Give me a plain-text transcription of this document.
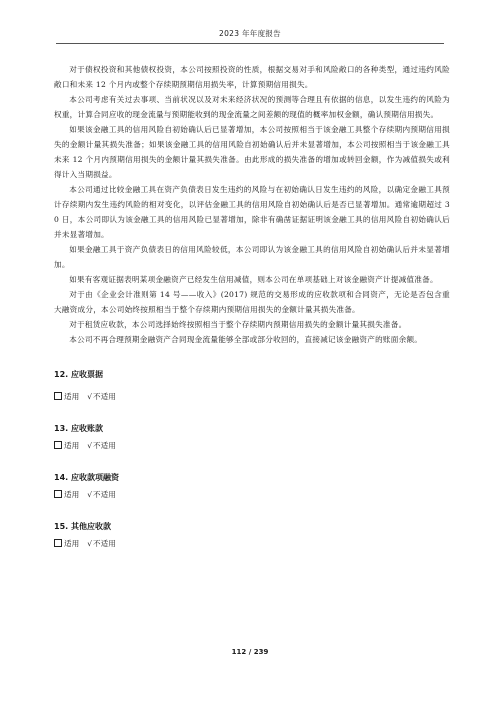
2023 年年度报告

对于债权投资和其他债权投资，本公司按照投资的性质，根据交易对手和风险敞口的各种类型，通过违约风险敞口和未来 12 个月内或整个存续期预期信用损失率，计算预期信用损失。

本公司考虑有关过去事项、当前状况以及对未来经济状况的预测等合理且有依据的信息，以发生违约的风险为权重，计算合同应收的现金流量与预期能收到的现金流量之间差额的现值的概率加权金额，确认预期信用损失。

如果该金融工具的信用风险自初始确认后已显著增加，本公司按照相当于该金融工具整个存续期内预期信用损失的金额计量其损失准备；如果该金融工具的信用风险自初始确认后并未显著增加，本公司按照相当于该金融工具未来 12 个月内预期信用损失的金额计量其损失准备。由此形成的损失准备的增加或转回金额，作为减值损失或利得计入当期损益。

本公司通过比较金融工具在资产负债表日发生违约的风险与在初始确认日发生违约的风险，以确定金融工具预计存续期内发生违约风险的相对变化，以评估金融工具的信用风险自初始确认后是否已显著增加。通常逾期超过 30 日，本公司即认为该金融工具的信用风险已显著增加，除非有确凿证据证明该金融工具的信用风险自初始确认后并未显著增加。

如果金融工具于资产负债表日的信用风险较低，本公司即认为该金融工具的信用风险自初始确认后并未显著增加。

如果有客观证据表明某项金融资产已经发生信用减值，则本公司在单项基础上对该金融资产计提减值准备。

对于由《企业会计准则第 14 号——收入》(2017) 规范的交易形成的应收款项和合同资产，无论是否包含重大融资成分，本公司始终按照相当于整个存续期内预期信用损失的金额计量其损失准备。

对于租赁应收款，本公司选择始终按照相当于整个存续期内预期信用损失的金额计量其损失准备。

本公司不再合理预期金融资产合同现金流量能够全部或部分收回的，直接减记该金融资产的账面余额。

12. 应收票据
适用 √不适用
13. 应收账款
适用 √不适用
14. 应收款项融资
适用 √不适用
15. 其他应收款
适用 √不适用
112 / 239
